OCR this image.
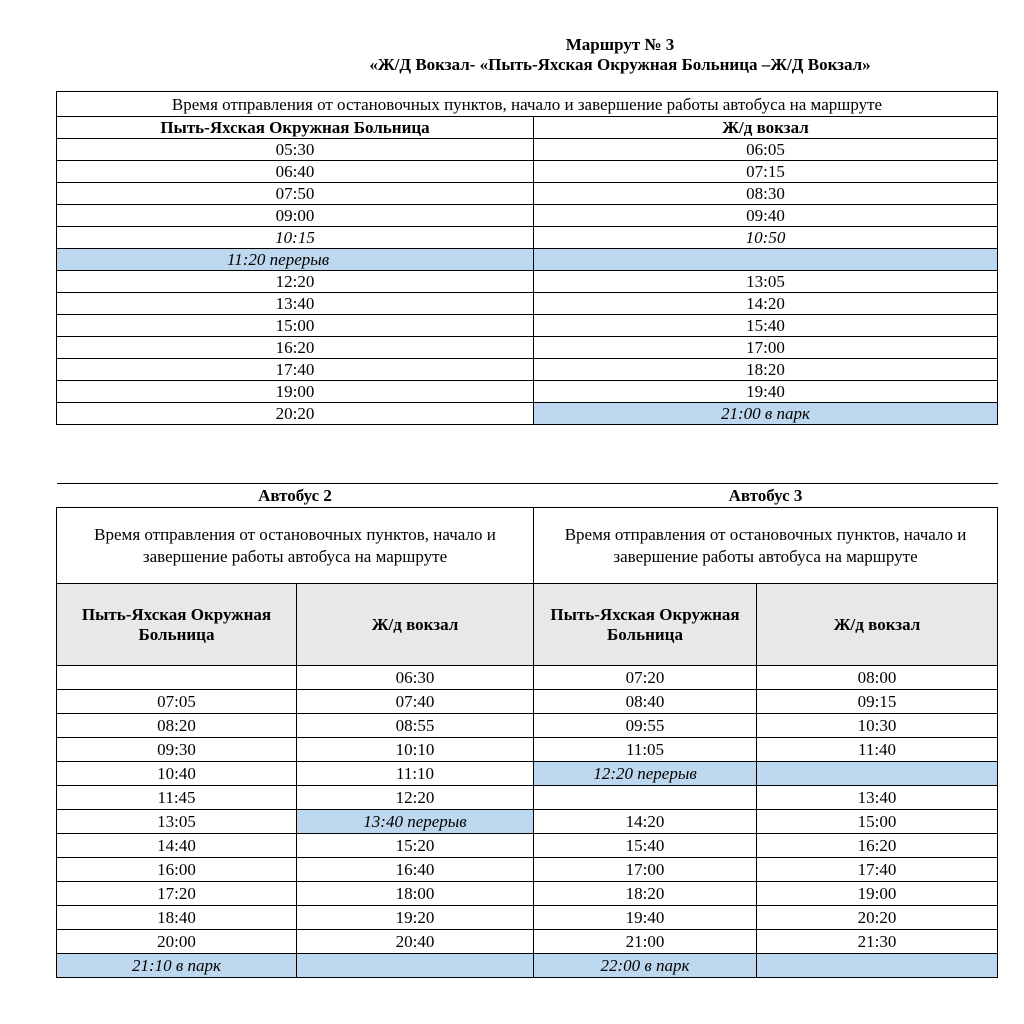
Маршрут № 3
«Ж/Д Вокзал- «Пыть-Яхская Окружная Больница –Ж/Д Вокзал»
Время отправления от остановочных пунктов, начало и завершение работы автобуса на маршруте	
Пыть-Яхская Окружная Больница	Ж/д вокзал
05:30	06:05
06:40	07:15
07:50	08:30
09:00	09:40
10:15	10:50
11:20 перерыв	
12:20	13:05
13:40	14:20
15:00	15:40
16:20	17:00
17:40	18:20
19:00	19:40
20:20	21:00 в парк
Автобус 2		Автобус 3	
Время отправления от остановочных пунктов, начало и завершение работы автобуса на маршруте		Время отправления от остановочных пунктов, начало и завершение работы автобуса на маршруте	
Пыть-Яхская Окружная Больница	Ж/д вокзал	Пыть-Яхская Окружная Больница	Ж/д вокзал
	06:30	07:20	08:00
07:05	07:40	08:40	09:15
08:20	08:55	09:55	10:30
09:30	10:10	11:05	11:40
10:40	11:10	12:20 перерыв	
11:45	12:20		13:40
13:05	13:40 перерыв	14:20	15:00
14:40	15:20	15:40	16:20
16:00	16:40	17:00	17:40
17:20	18:00	18:20	19:00
18:40	19:20	19:40	20:20
20:00	20:40	21:00	21:30
21:10 в парк		22:00 в парк	
